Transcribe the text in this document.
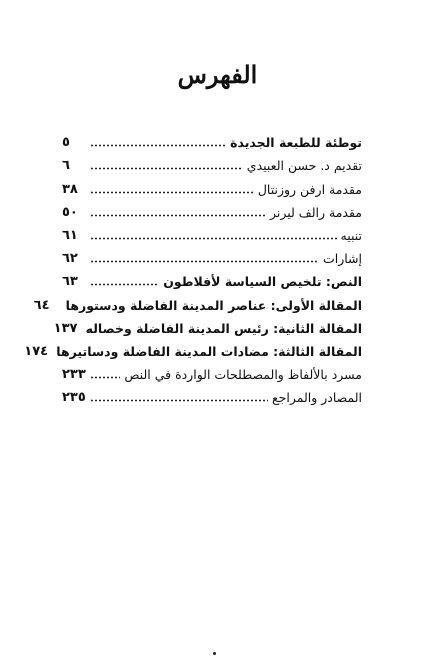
الفهرس
توطئة للطبعة الجديدة
٥
تقديم د. حسن العبيدي
٦
مقدمة ارفن روزنتال
٣٨
مقدمة رالف ليرنر
٥٠
تنبيه
٦١
إشارات
٦٢
النص: تلخيص السياسة لأفلاطون
٦٣
المقالة الأولى: عناصر المدينة الفاضلة ودستورها
٦٤
المقالة الثانية: رئيس المدينة الفاضلة وخصاله
١٣٧
المقالة الثالثة: مضادات المدينة الفاضلة ودساتيرها
١٧٤
مسرد بالألفاظ والمصطلحات الواردة في النص
٢٣٣
المصادر والمراجع
٢٣٥
